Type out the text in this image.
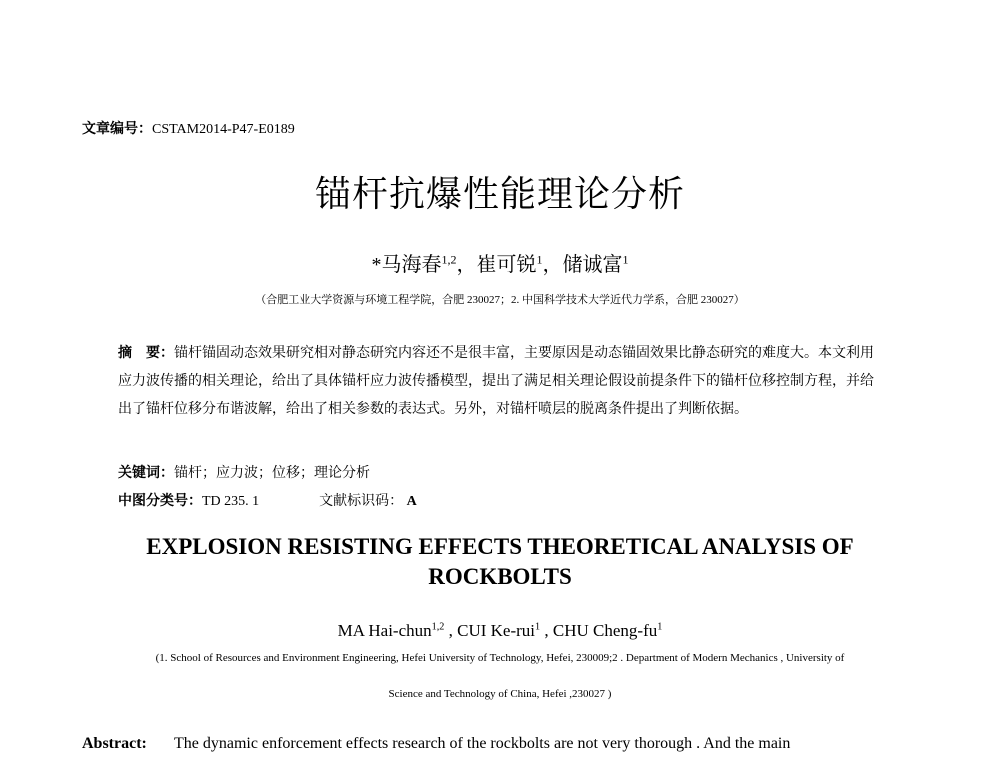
文章编号：CSTAM2014-P47-E0189
锚杆抗爆性能理论分析
*马海春$^{1,2}$，崔可锐$^1$，储诚富$^1$
（合肥工业大学资源与环境工程学院，合肥 230027；2. 中国科学技术大学近代力学系，合肥 230027）
摘　要：锚杆锚固动态效果研究相对静态研究内容还不是很丰富，主要原因是动态锚固效果比静态研究的难度大。本文利用应力波传播的相关理论，给出了具体锚杆应力波传播模型，提出了满足相关理论假设前提条件下的锚杆位移控制方程，并给出了锚杆位移分布谐波解，给出了相关参数的表达式。另外，对锚杆喷层的脱离条件提出了判断依据。
关键词：锚杆；应力波；位移；理论分析
中图分类号：TD 235. 1	文献标识码： A
EXPLOSION RESISTING EFFECTS THEORETICAL ANALYSIS OF
ROCKBOLTS
MA Hai-chun$^{1,2}$ , CUI Ke-rui$^1$ , CHU Cheng-$fu^1$
(1. School of Resources and Environment Engineering, Hefei University of Technology, Hefei, 230009;2 . Department of Modern Mechanics , University of
Science and Technology of China, Hefei ,230027 )
Abstract: The dynamic enforcement effects research of the rockbolts are not very thorough . And the main
